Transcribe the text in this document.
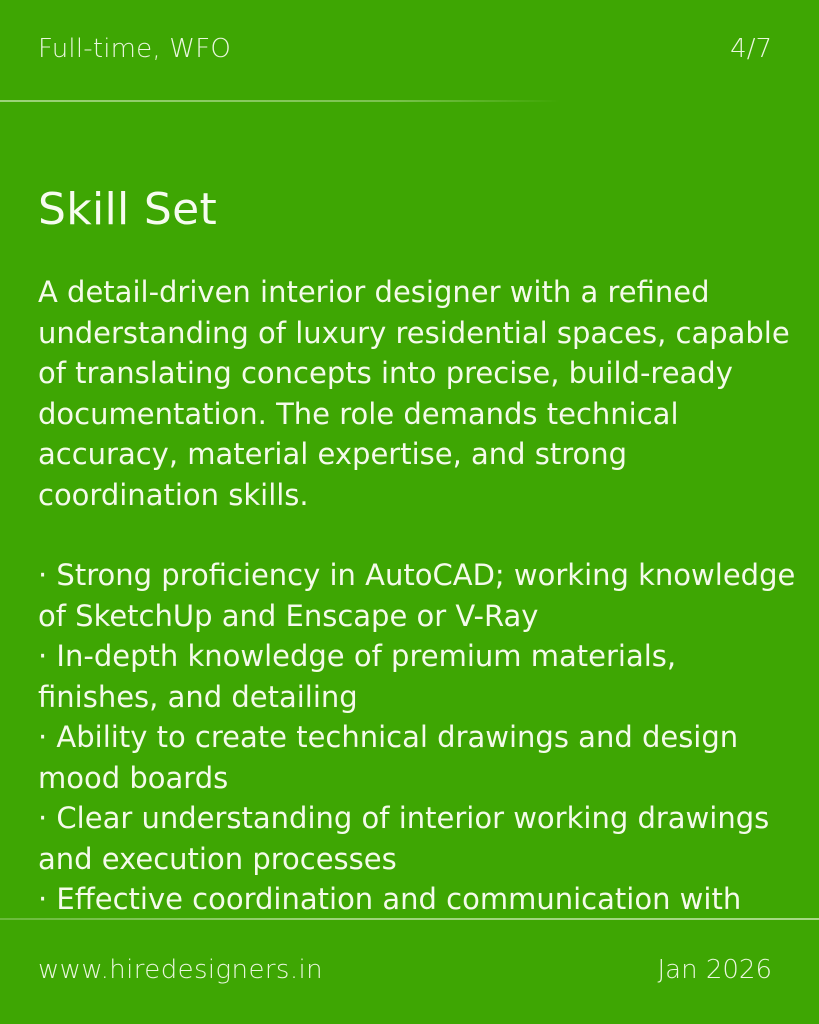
Full-time, WFO	4/7
Skill Set

A detail-driven interior designer with a refined understanding of luxury residential spaces, capable of translating concepts into precise, build-ready documentation. The role demands technical accuracy, material expertise, and strong coordination skills.

· Strong proficiency in AutoCAD; working knowledge of SketchUp and Enscape or V-Ray

· In-depth knowledge of premium materials, finishes, and detailing

· Ability to create technical drawings and design mood boards

· Clear understanding of interior working drawings and execution processes

· Effective coordination and communication with

www.hiredesigners.in	Jan 2026
